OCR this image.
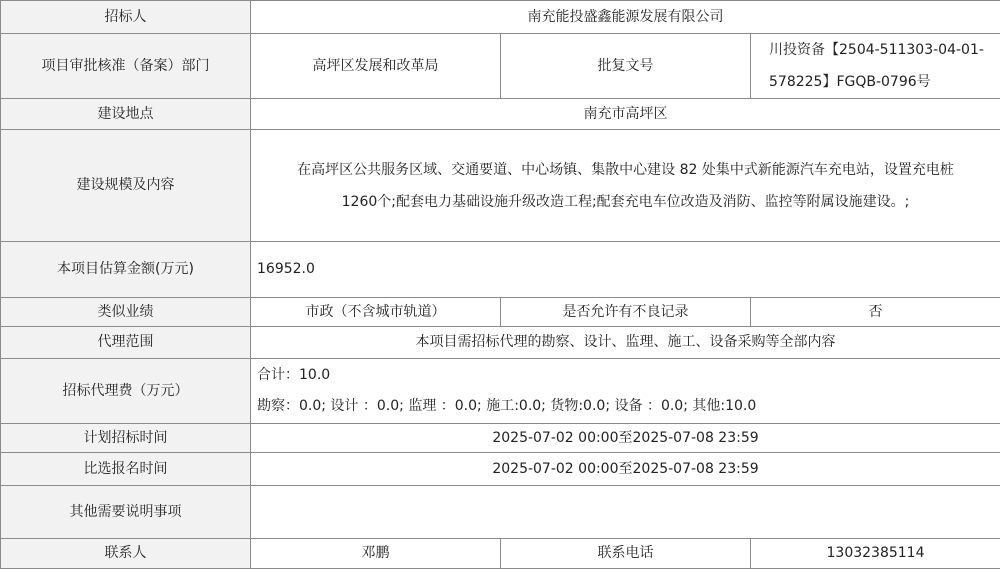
招标人	南充能投盛鑫能源发展有限公司		
项目审批核准（备案）部门	高坪区发展和改革局	批复文号	川投资备【2504-511303-04-01-
578225】FGQB-0796号
建设地点	南充市高坪区		
建设规模及内容	在高坪区公共服务区域、交通要道、中心场镇、集散中心建设 82 处集中式新能源汽车充电站，设置充电桩
1260个;配套电力基础设施升级改造工程;配套充电车位改造及消防、监控等附属设施建设。;		
本项目估算金额(万元)	16952.0		
类似业绩	市政（不含城市轨道）	是否允许有不良记录	否
代理范围	本项目需招标代理的勘察、设计、监理、施工、设备采购等全部内容		
招标代理费（万元）	合计：10.0
勘察：0.0; 设计 ：0.0; 监理 ：0.0; 施工:0.0; 货物:0.0; 设备 ：0.0; 其他:10.0		

计划招标时间	2025-07-02 00:00至2025-07-08 23:59		
比选报名时间	2025-07-02 00:00至2025-07-08 23:59		
其他需要说明事项			
联系人	邓鹏	联系电话	13032385114
